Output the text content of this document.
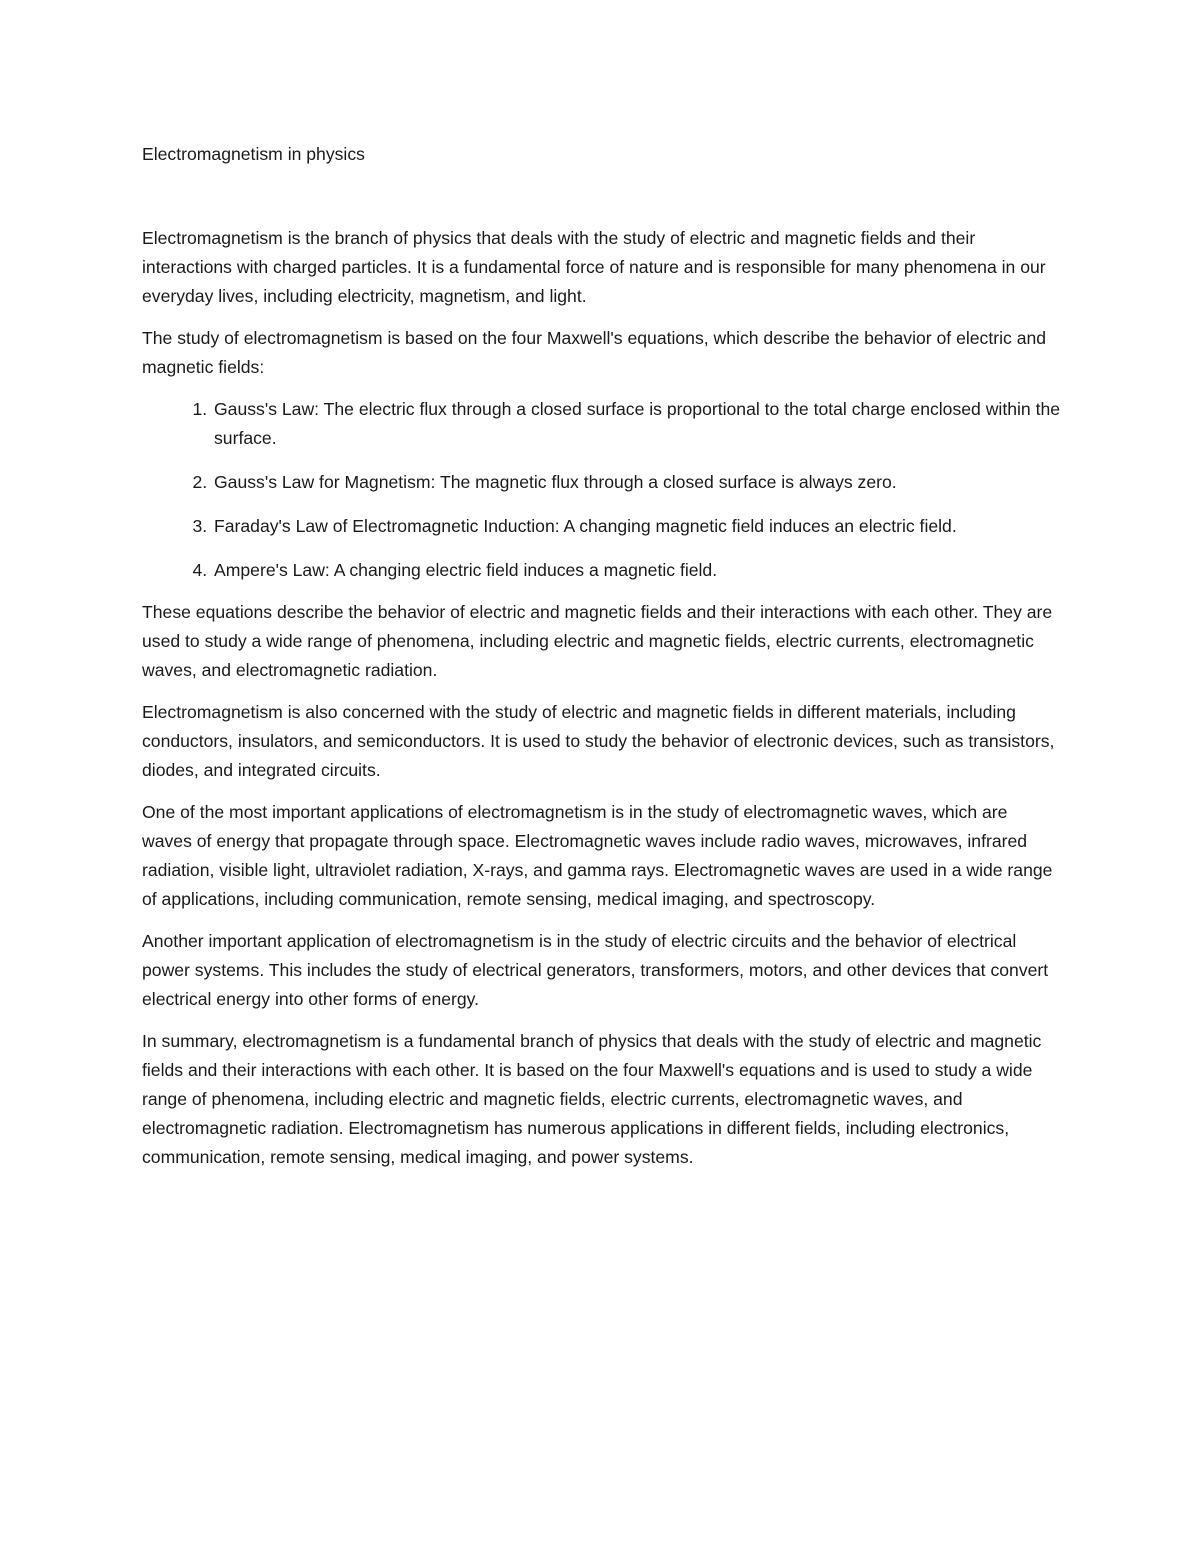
Electromagnetism in physics

Electromagnetism is the branch of physics that deals with the study of electric and magnetic fields and their interactions with charged particles. It is a fundamental force of nature and is responsible for many phenomena in our everyday lives, including electricity, magnetism, and light.

The study of electromagnetism is based on the four Maxwell's equations, which describe the behavior of electric and magnetic fields:

1. Gauss's Law: The electric flux through a closed surface is proportional to the total charge enclosed within the surface.
2. Gauss's Law for Magnetism: The magnetic flux through a closed surface is always zero.
3. Faraday's Law of Electromagnetic Induction: A changing magnetic field induces an electric field.
4. Ampere's Law: A changing electric field induces a magnetic field.

These equations describe the behavior of electric and magnetic fields and their interactions with each other. They are used to study a wide range of phenomena, including electric and magnetic fields, electric currents, electromagnetic waves, and electromagnetic radiation.

Electromagnetism is also concerned with the study of electric and magnetic fields in different materials, including conductors, insulators, and semiconductors. It is used to study the behavior of electronic devices, such as transistors, diodes, and integrated circuits.

One of the most important applications of electromagnetism is in the study of electromagnetic waves, which are waves of energy that propagate through space. Electromagnetic waves include radio waves, microwaves, infrared radiation, visible light, ultraviolet radiation, X-rays, and gamma rays. Electromagnetic waves are used in a wide range of applications, including communication, remote sensing, medical imaging, and spectroscopy.

Another important application of electromagnetism is in the study of electric circuits and the behavior of electrical power systems. This includes the study of electrical generators, transformers, motors, and other devices that convert electrical energy into other forms of energy.

In summary, electromagnetism is a fundamental branch of physics that deals with the study of electric and magnetic fields and their interactions with each other. It is based on the four Maxwell's equations and is used to study a wide range of phenomena, including electric and magnetic fields, electric currents, electromagnetic waves, and electromagnetic radiation. Electromagnetism has numerous applications in different fields, including electronics, communication, remote sensing, medical imaging, and power systems.
